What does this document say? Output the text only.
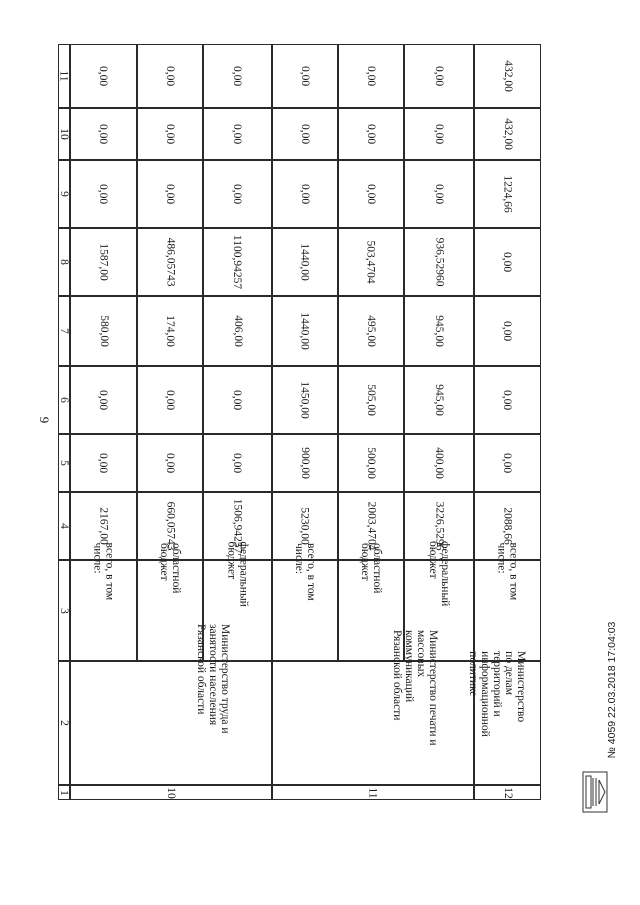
9
1
2
3
4
5
6
7
8
9
10
11
10
Министерство труда и занятости населения Рязанской области
всего, в том числе:
2167,00
0,00
0,00
580,00
1587,00
0,00
0,00
0,00
областной бюджет
660,05743
0,00
0,00
174,00
486,05743
0,00
0,00
0,00
федеральный бюджет
1506,94257
0,00
0,00
406,00
1100,94257
0,00
0,00
0,00
11
Министерство печати и массовых коммуникаций Рязанской области
всего, в том числе:
5230,00
900,00
1450,00
1440,00
1440,00
0,00
0,00
0,00
областной бюджет
2003,4704
500,00
505,00
495,00
503,4704
0,00
0,00
0,00
федеральный бюджет
3226,5296
400,00
945,00
945,00
936,52960
0,00
0,00
0,00
12
Министерство по делам территорий и информационной политике
всего, в том числе:
2088,66
0,00
0,00
0,00
0,00
1224,66
432,00
432,00
№ 4059 22.03.2018 17:04:03
